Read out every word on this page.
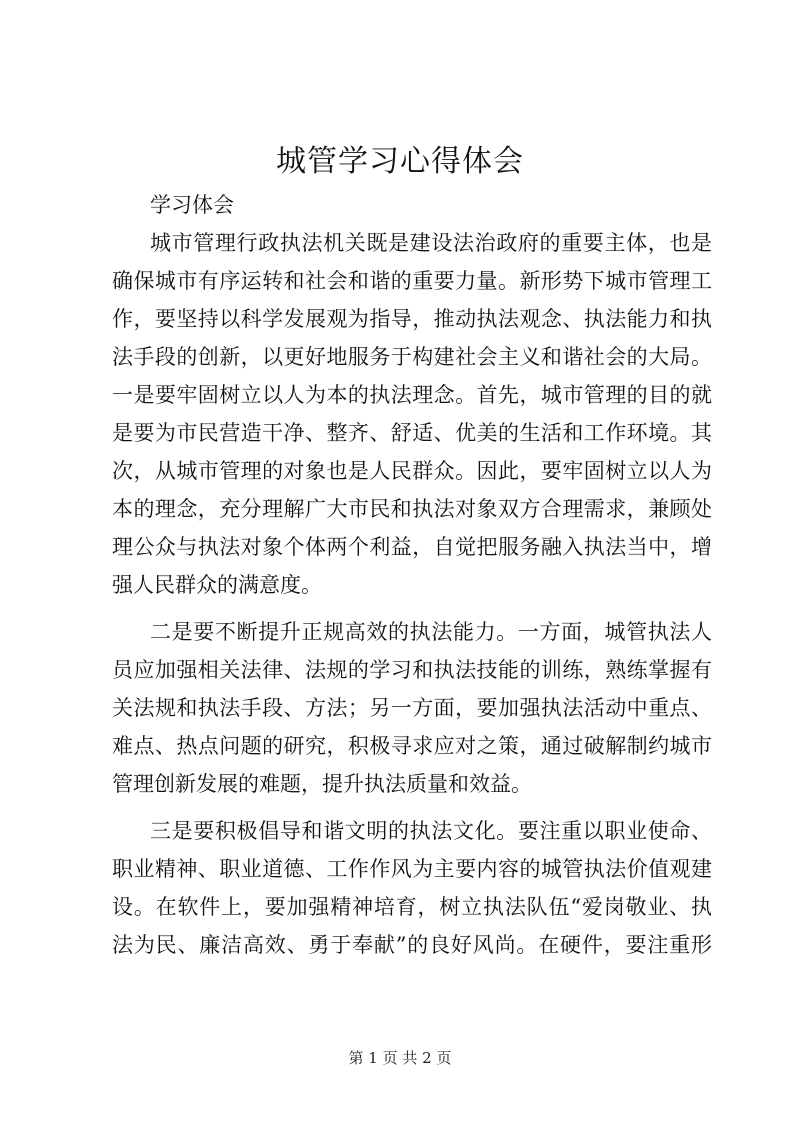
城管学习心得体会
学习体会
城市管理行政执法机关既是建设法治政府的重要主体，也是
确保城市有序运转和社会和谐的重要力量。新形势下城市管理工
作，要坚持以科学发展观为指导，推动执法观念、执法能力和执
法手段的创新，以更好地服务于构建社会主义和谐社会的大局。
一是要牢固树立以人为本的执法理念。首先，城市管理的目的就
是要为市民营造干净、整齐、舒适、优美的生活和工作环境。其
次，从城市管理的对象也是人民群众。因此，要牢固树立以人为
本的理念，充分理解广大市民和执法对象双方合理需求，兼顾处
理公众与执法对象个体两个利益，自觉把服务融入执法当中，增
强人民群众的满意度。
二是要不断提升正规高效的执法能力。一方面，城管执法人
员应加强相关法律、法规的学习和执法技能的训练，熟练掌握有
关法规和执法手段、方法；另一方面，要加强执法活动中重点、
难点、热点问题的研究，积极寻求应对之策，通过破解制约城市
管理创新发展的难题，提升执法质量和效益。
三是要积极倡导和谐文明的执法文化。要注重以职业使命、
职业精神、职业道德、工作作风为主要内容的城管执法价值观建
设。在软件上，要加强精神培育，树立执法队伍“爱岗敬业、执
法为民、廉洁高效、勇于奉献”的良好风尚。在硬件，要注重形
第 1 页 共 2 页
